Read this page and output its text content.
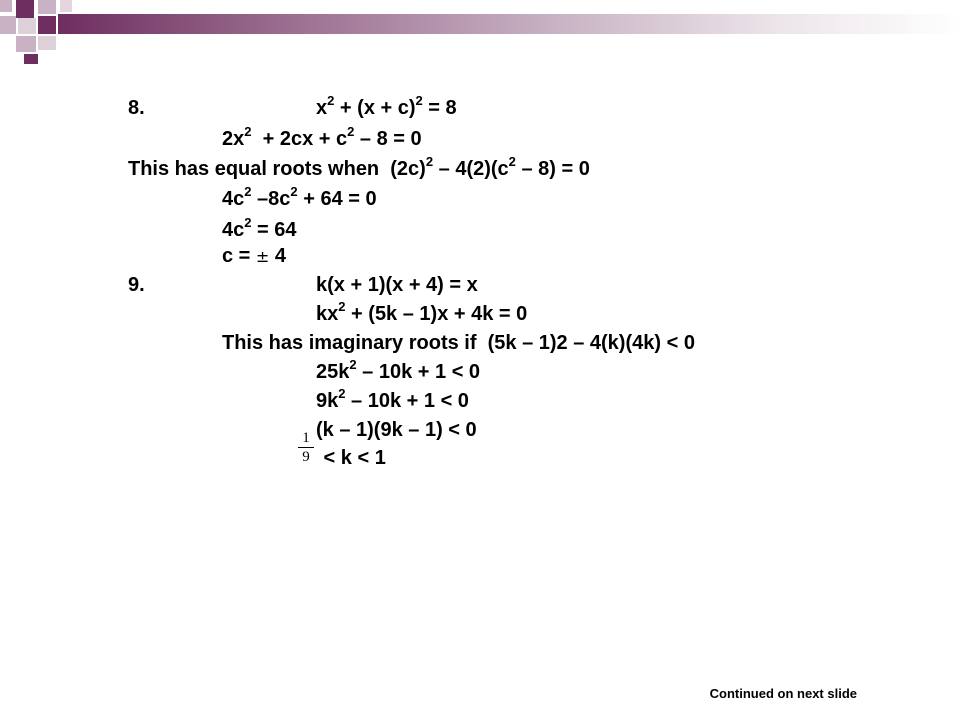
8.	$x^2 + (x + c)^2 = 8$
$2x^2 + 2cx + c^2 - 8 = 0$
This has equal roots when  $(2c)^2 - 4(2)(c^2 - 8) = 0$
$4c^2$ $-8c^2 + 64 = 0$
$4c^2 = 64$
c = ± 4
9.	k(x + 1)(x + 4) = x
$kx^2 + (5k - 1)x + 4k = 0$
This has imaginary roots if  (5k – 1)2 – 4(k)(4k) < 0
$25k^2 - 10k + 1 < 0$
$9k^2 - 10k + 1 < 0$
(k – 1)(9k – 1) < 0
1
9 < k < 1
Continued on next slide
